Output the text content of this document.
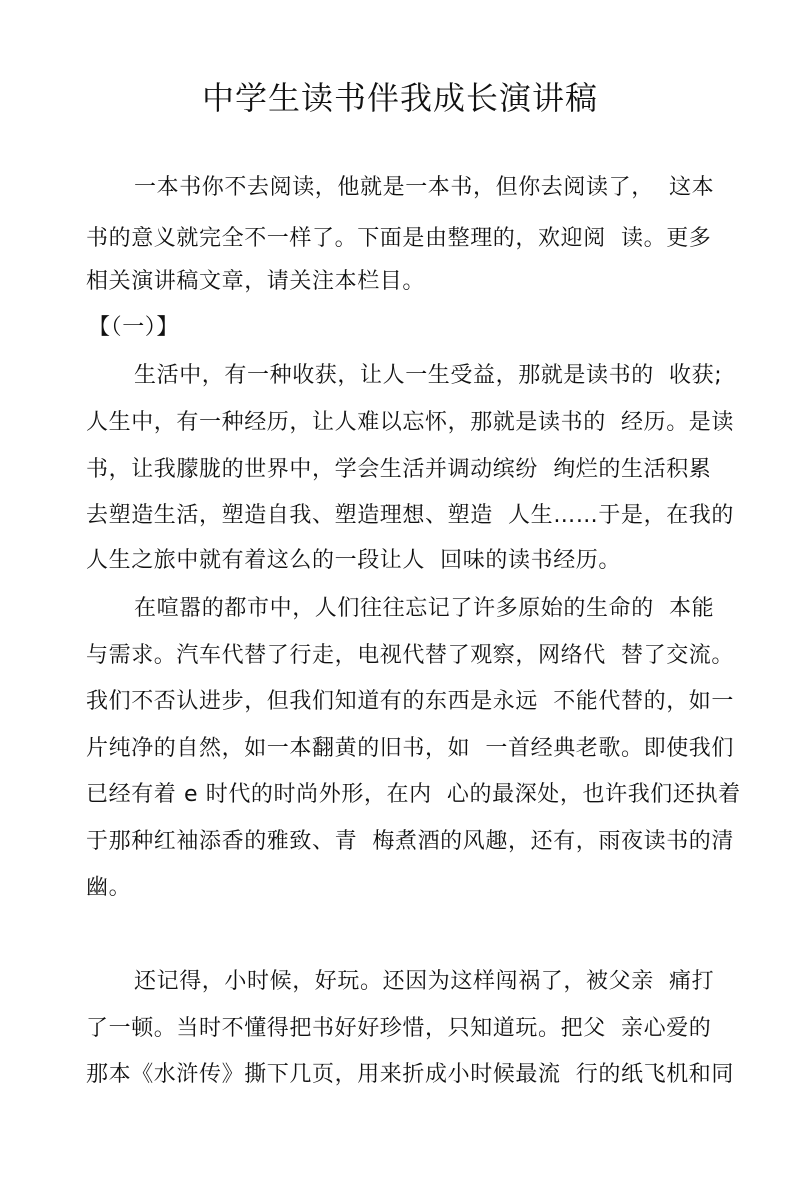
中学生读书伴我成长演讲稿
一本书你不去阅读，他就是一本书，但你去阅读了，  这本
书的意义就完全不一样了。下面是由整理的，欢迎阅  读。更多
相关演讲稿文章，请关注本栏目。
【（一）】
生活中，有一种收获，让人一生受益，那就是读书的  收获;
人生中，有一种经历，让人难以忘怀，那就是读书的  经历。是读
书，让我朦胧的世界中，学会生活并调动缤纷  绚烂的生活积累
去塑造生活，塑造自我、塑造理想、塑造  人生……于是，在我的
人生之旅中就有着这么的一段让人  回味的读书经历。
在喧嚣的都市中，人们往往忘记了许多原始的生命的  本能
与需求。汽车代替了行走，电视代替了观察，网络代  替了交流。
我们不否认进步，但我们知道有的东西是永远  不能代替的，如一
片纯净的自然，如一本翻黄的旧书，如  一首经典老歌。即使我们
已经有着 e 时代的时尚外形，在内  心的最深处，也许我们还执着
于那种红袖添香的雅致、青  梅煮酒的风趣，还有，雨夜读书的清
幽。
还记得，小时候，好玩。还因为这样闯祸了，被父亲  痛打
了一顿。当时不懂得把书好好珍惜，只知道玩。把父  亲心爱的
那本《水浒传》撕下几页，用来折成小时候最流  行的纸飞机和同
